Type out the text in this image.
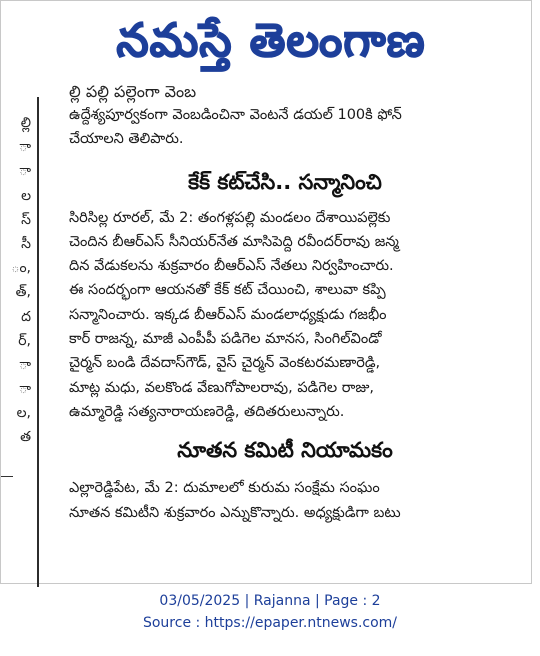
నమస్తే తెలంగాణ
ల్లి
ా
ా
ల
స్
సీ
ం,
త్,
ద
ర్,
ా
ా
ల,
త
ల్లి పల్లి పల్లెంగా వెంబ
ఉద్దేశ్యపూర్వకంగా వెంబడించినా వెంటనే డయల్ 100కి ఫోన్
చేయాలని తెలిపారు.
కేక్ కట్‌చేసి.. సన్మానించి
సిరిసిల్ల రూరల్, మే 2: తంగళ్లపల్లి మండలం దేశాయిపల్లెకు
చెందిన బీఆర్ఎస్ సీనియర్‌నేత మాసిపెద్ది రవీందర్‌రావు జన్మ
దిన వేడుకలను శుక్రవారం బీఆర్ఎస్ నేతలు నిర్వహించారు.
ఈ సందర్భంగా ఆయనతో కేక్ కట్ చేయించి, శాలువా కప్పి
సన్మానించారు. ఇక్కడ బీఆర్ఎస్ మండలాధ్యక్షుడు గజభీం
కార్ రాజన్న, మాజీ ఎంపీపీ పడిగెల మానస, సింగిల్‌విండో
చైర్మన్ బండి దేవదాస్‌గౌడ్, వైస్ చైర్మన్ వెంకటరమణారెడ్డి,
మాట్ల మధు, వలకొండ వేణుగోపాలరావు, పడిగెల రాజు,
ఉమ్మారెడ్డి సత్యనారాయణరెడ్డి, తదితరులున్నారు.
నూతన కమిటీ నియామకం
ఎల్లారెడ్డిపేట, మే 2: దుమాలలో కురుమ సంక్షేమ సంఘం
నూతన కమిటీని శుక్రవారం ఎన్నుకొన్నారు. అధ్యక్షుడిగా బటు
03/05/2025 | Rajanna | Page : 2
Source : https://epaper.ntnews.com/
